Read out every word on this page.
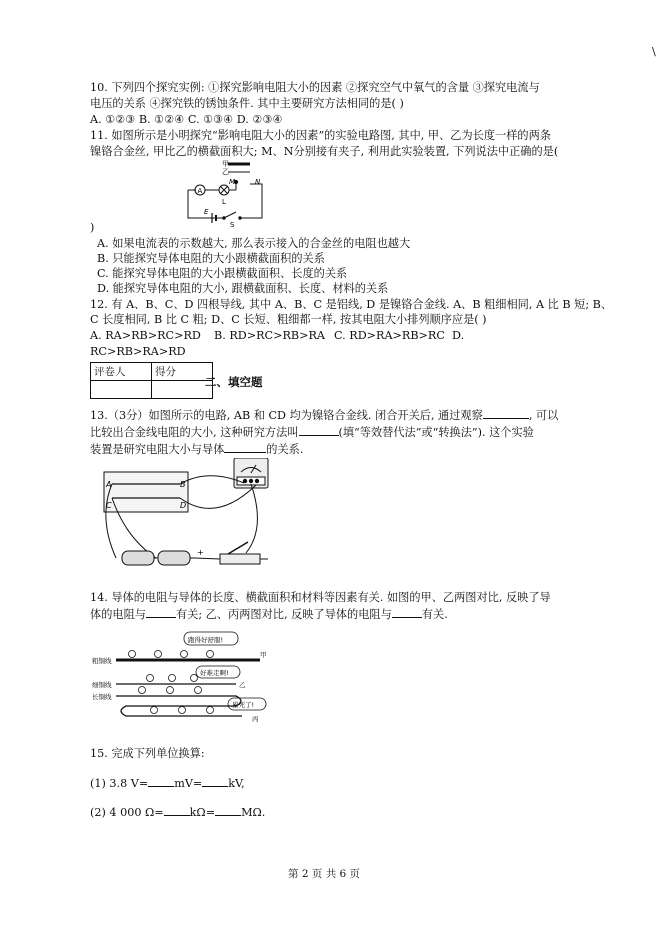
\
10. 下列四个探究实例: ①探究影响电阻大小的因素 ②探究空气中氧气的含量 ③探究电流与
电压的关系 ④探究铁的锈蚀条件. 其中主要研究方法相同的是( )
A. ①②③ B. ①②④ C. ①③④ D. ②③④
11. 如图所示是小明探究“影响电阻大小的因素”的实验电路图, 其中, 甲、乙为长度一样的两条
镍铬合金丝, 甲比乙的横截面积大; M、N分别接有夹子, 利用此实验装置, 下列说法中正确的是(
甲
乙
M	N
A
L
E
S
)
A. 如果电流表的示数越大, 那么表示接入的合金丝的电阻也越大
B. 只能探究导体电阻的大小跟横截面积的关系
C. 能探究导体电阻的大小跟横截面积、长度的关系
D. 能探究导体电阻的大小, 跟横截面积、长度、材料的关系
12. 有 A、B、C、D 四根导线, 其中 A、B、C 是铝线, D 是镍铬合金线. A、B 粗细相同, A 比 B 短; B、
C 长度相同, B 比 C 粗; D、C 长短、粗细都一样, 按其电阻大小排列顺序应是( )
A. RA>RB>RC>RD B. RD>RC>RB>RA C. RD>RA>RB>RC D.
RC>RB>RA>RD
评卷人	得分

二、填空题
13.（3分）如图所示的电路, AB 和 CD 均为镍铬合金线. 闭合开关后, 通过观察	, 可以
比较出合金线电阻的大小, 这种研究方法叫	(填“等效替代法”或“转换法”). 这个实验
装置是研究电阻大小与导体	的关系.
A	B
C	D
+
14. 导体的电阻与导体的长度、横截面积和材料等因素有关. 如图的甲、乙两图对比, 反映了导
体的电阻与	有关; 乙、丙两图对比, 反映了导体的电阻与	有关.
跑得好舒服!
好难走啊!
累死了!
粗铜线
细铜线
长铜线
甲
乙
丙
15. 完成下列单位换算:
(1) 3.8 V= mV= kV,
(2) 4 000 Ω= kΩ= MΩ.
第 2 页 共 6 页
